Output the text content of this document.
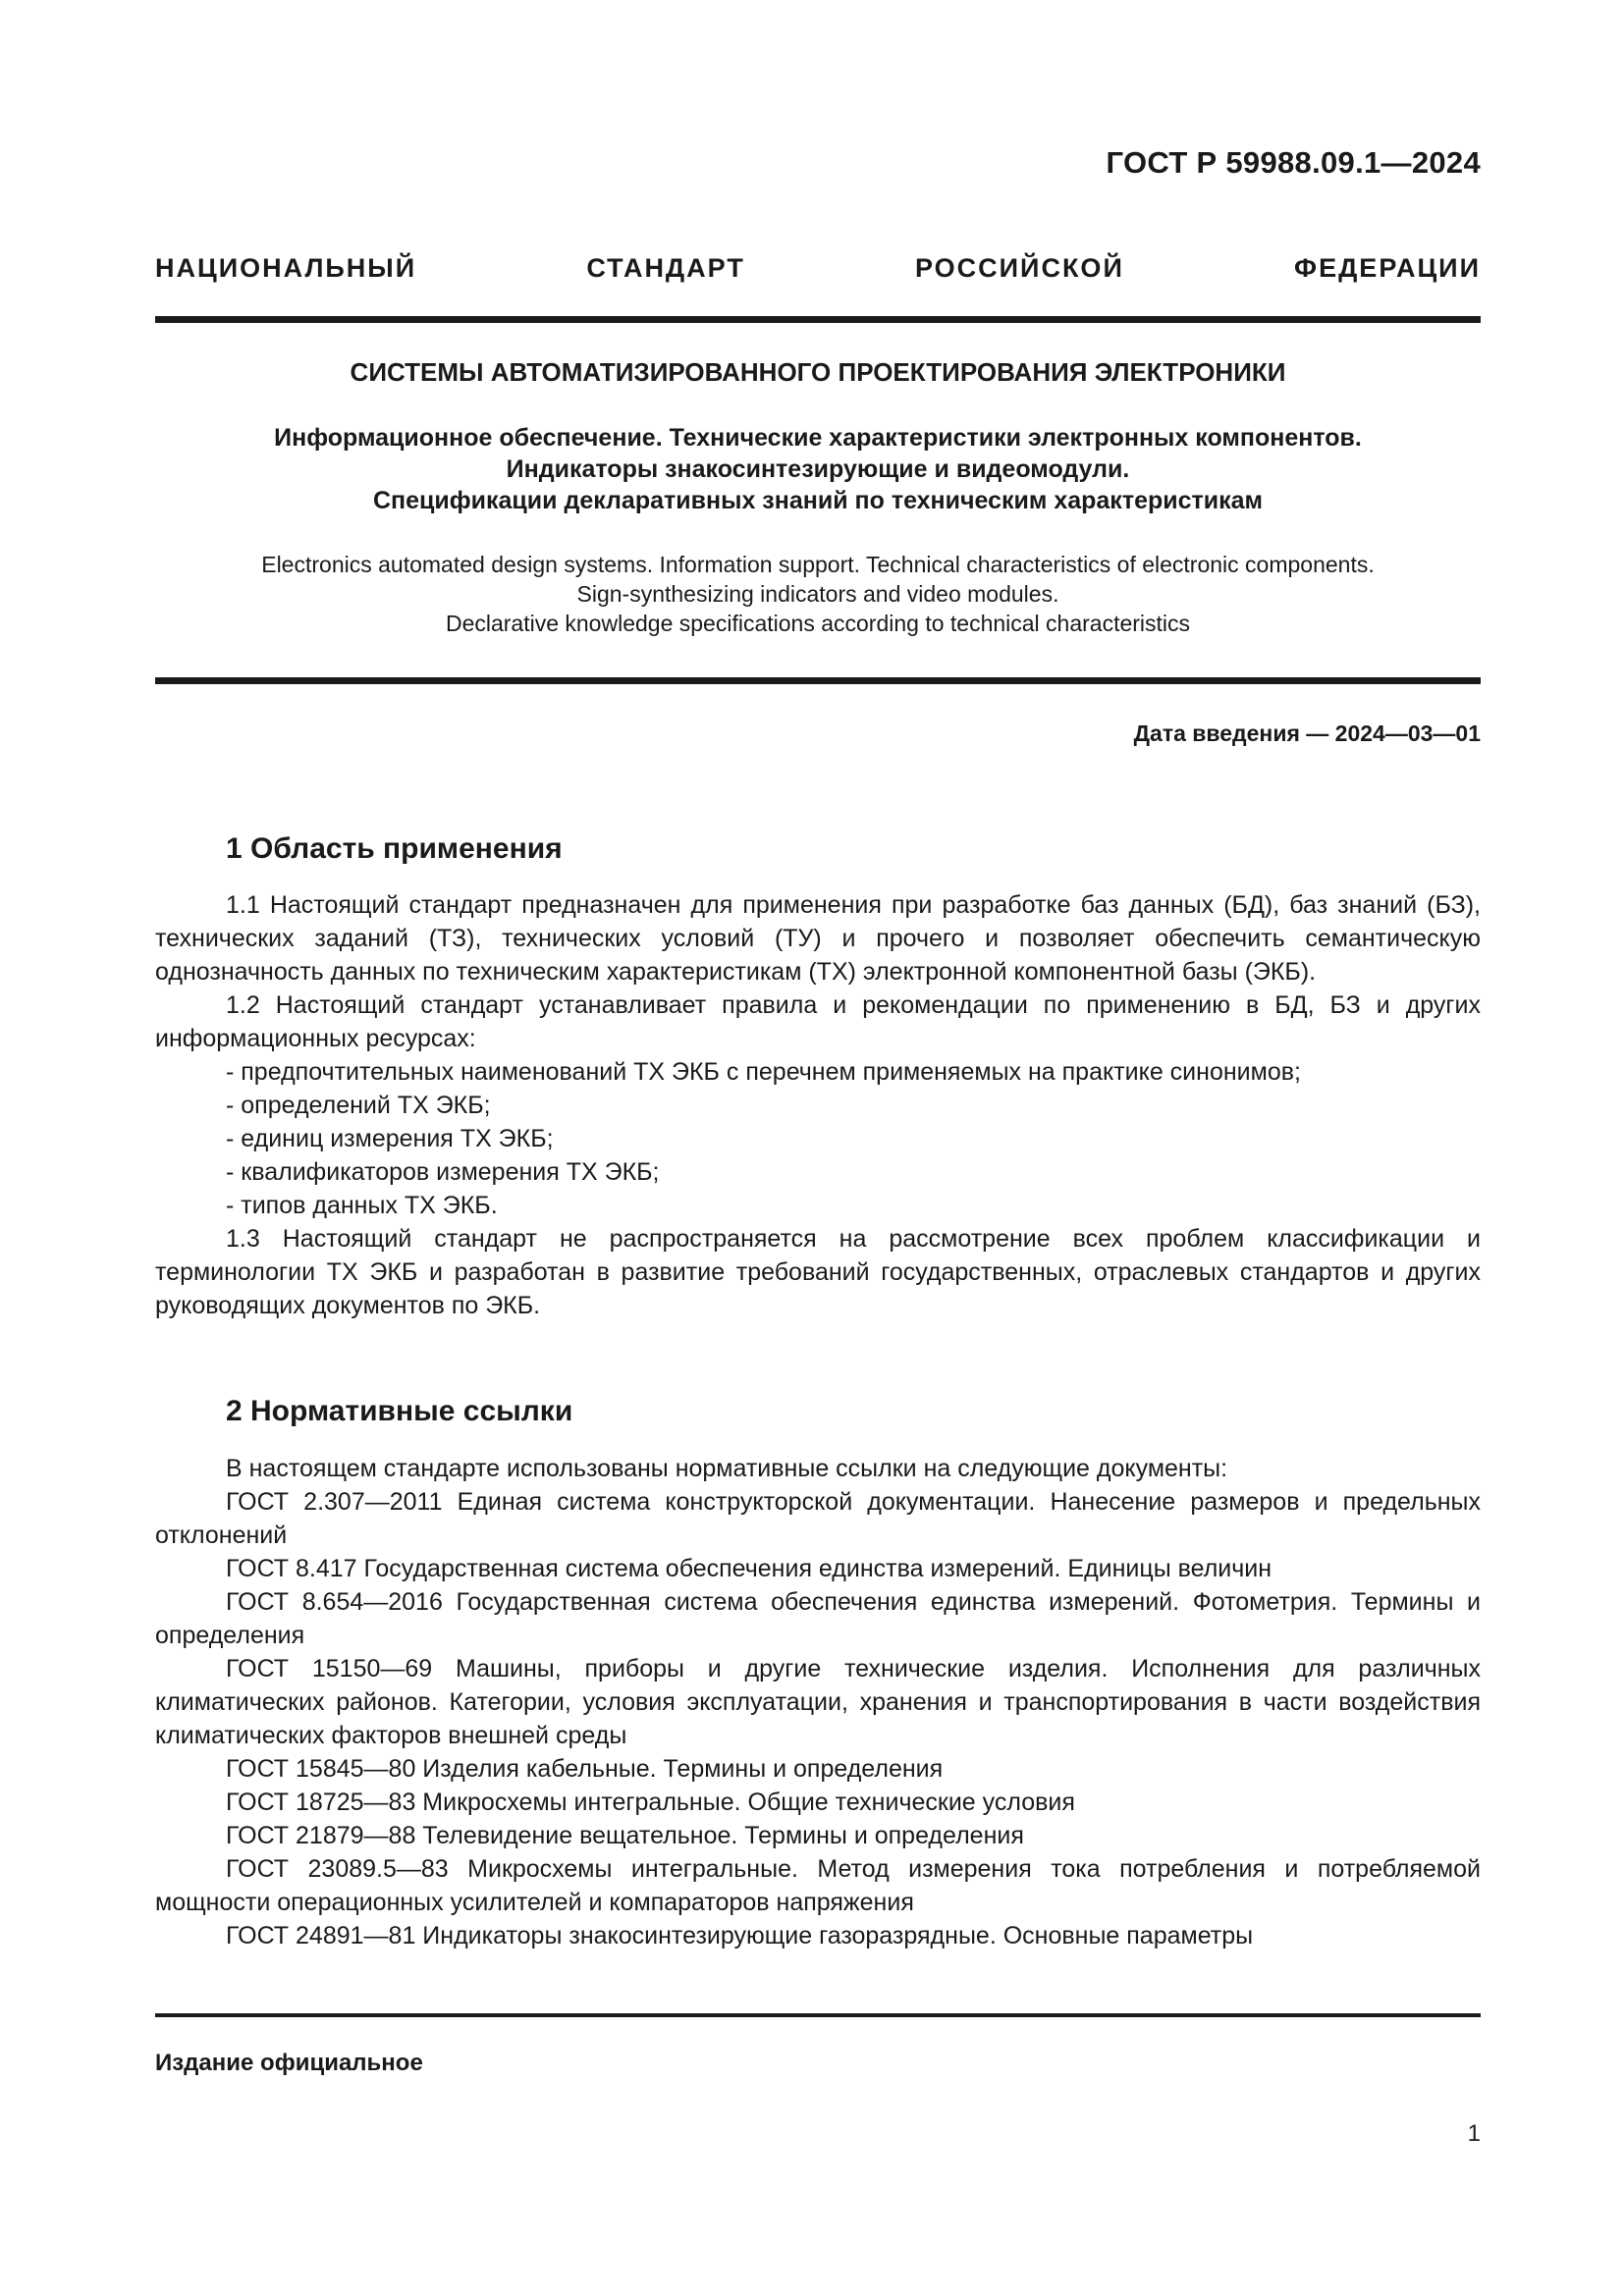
ГОСТ Р 59988.09.1—2024
НАЦИОНАЛЬНЫЙ СТАНДАРТ РОССИЙСКОЙ ФЕДЕРАЦИИ
СИСТЕМЫ АВТОМАТИЗИРОВАННОГО ПРОЕКТИРОВАНИЯ ЭЛЕКТРОНИКИ
Информационное обеспечение. Технические характеристики электронных компонентов.
Индикаторы знакосинтезирующие и видеомодули.
Спецификации декларативных знаний по техническим характеристикам
Electronics automated design systems. Information support. Technical characteristics of electronic components.
Sign-synthesizing indicators and video modules.
Declarative knowledge specifications according to technical characteristics
Дата введения — 2024—03—01
1 Область применения

1.1 Настоящий стандарт предназначен для применения при разработке баз данных (БД), баз знаний (БЗ), технических заданий (ТЗ), технических условий (ТУ) и прочего и позволяет обеспечить семантическую однозначность данных по техническим характеристикам (ТХ) электронной компонентной базы (ЭКБ).

1.2 Настоящий стандарт устанавливает правила и рекомендации по применению в БД, БЗ и других информационных ресурсах:

- предпочтительных наименований ТХ ЭКБ с перечнем применяемых на практике синонимов;

- определений ТХ ЭКБ;

- единиц измерения ТХ ЭКБ;

- квалификаторов измерения ТХ ЭКБ;

- типов данных ТХ ЭКБ.

1.3 Настоящий стандарт не распространяется на рассмотрение всех проблем классификации и терминологии ТХ ЭКБ и разработан в развитие требований государственных, отраслевых стандартов и других руководящих документов по ЭКБ.

2 Нормативные ссылки

В настоящем стандарте использованы нормативные ссылки на следующие документы:

ГОСТ 2.307—2011 Единая система конструкторской документации. Нанесение размеров и предельных отклонений

ГОСТ 8.417 Государственная система обеспечения единства измерений. Единицы величин

ГОСТ 8.654—2016 Государственная система обеспечения единства измерений. Фотометрия. Термины и определения

ГОСТ 15150—69 Машины, приборы и другие технические изделия. Исполнения для различных климатических районов. Категории, условия эксплуатации, хранения и транспортирования в части воздействия климатических факторов внешней среды

ГОСТ 15845—80 Изделия кабельные. Термины и определения

ГОСТ 18725—83 Микросхемы интегральные. Общие технические условия

ГОСТ 21879—88 Телевидение вещательное. Термины и определения

ГОСТ 23089.5—83 Микросхемы интегральные. Метод измерения тока потребления и потребляемой мощности операционных усилителей и компараторов напряжения

ГОСТ 24891—81 Индикаторы знакосинтезирующие газоразрядные. Основные параметры

Издание официальное
1
